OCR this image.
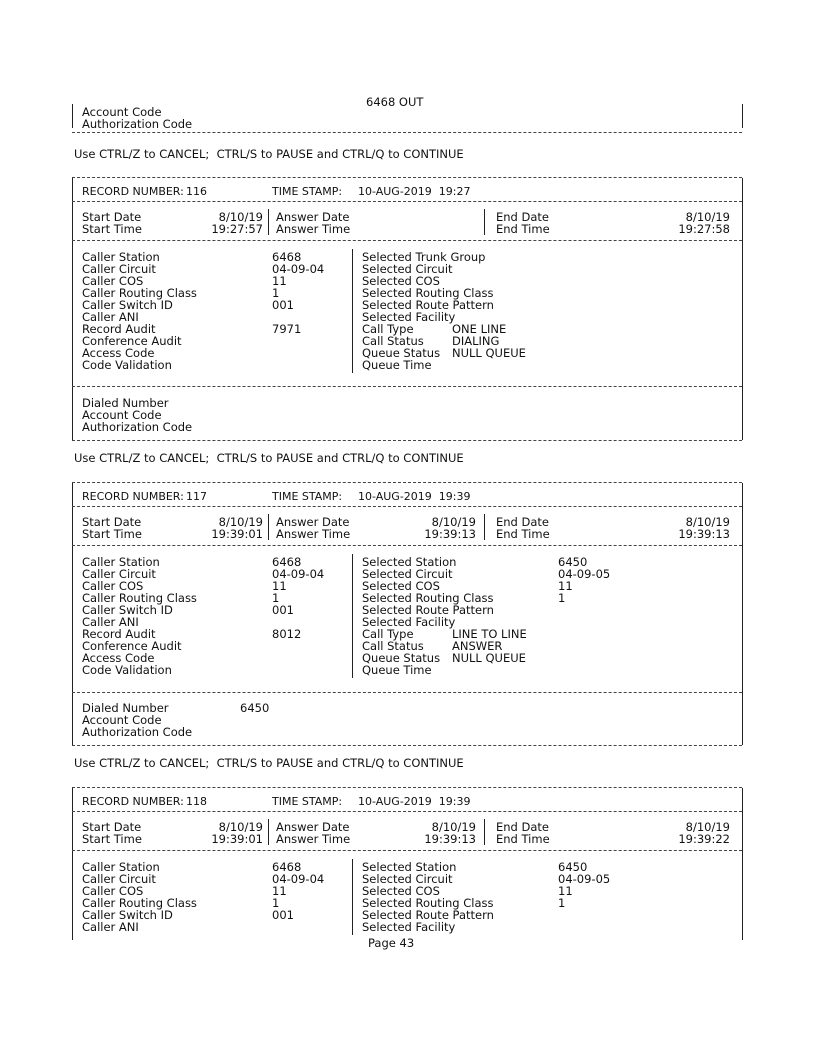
6468 OUT
Account Code
Authorization Code
Use CTRL/Z to CANCEL;  CTRL/S to PAUSE and CTRL/Q to CONTINUE
RECORD NUMBER: 116	TIME STAMP: 10-AUG-2019  19:27
Start Date	8/10/19
Start Time	19:27:57
Answer Date
Answer Time
End Date	8/10/19
End Time	19:27:58
Caller Station	6468
Caller Circuit	04-09-04
Caller COS	11
Caller Routing Class	1
Caller Switch ID	001
Caller ANI
Record Audit	7971
Conference Audit
Access Code
Code Validation
Selected Trunk Group
Selected Circuit
Selected COS
Selected Routing Class
Selected Route Pattern
Selected Facility
Call Type	ONE LINE
Call Status DIALING
Queue Status NULL QUEUE
Queue Time
Dialed Number
Account Code
Authorization Code
Use CTRL/Z to CANCEL;  CTRL/S to PAUSE and CTRL/Q to CONTINUE
RECORD NUMBER: 117	TIME STAMP: 10-AUG-2019  19:39
Start Date	8/10/19
Start Time	19:39:01
Answer Date	8/10/19
Answer Time	19:39:13
End Date	8/10/19
End Time	19:39:13
Caller Station	6468
Caller Circuit	04-09-04
Caller COS	11
Caller Routing Class	1
Caller Switch ID	001
Caller ANI
Record Audit	8012
Conference Audit
Access Code
Code Validation
Selected Station	6450
Selected Circuit	04-09-05
Selected COS	11
Selected Routing Class	1
Selected Route Pattern
Selected Facility
Call Type	LINE TO LINE
Call Status ANSWER
Queue Status NULL QUEUE
Queue Time
Dialed Number	6450
Account Code
Authorization Code
Use CTRL/Z to CANCEL;  CTRL/S to PAUSE and CTRL/Q to CONTINUE
RECORD NUMBER: 118	TIME STAMP: 10-AUG-2019  19:39
Start Date	8/10/19
Start Time	19:39:01
Answer Date	8/10/19
Answer Time	19:39:13
End Date	8/10/19
End Time	19:39:22
Caller Station	6468
Caller Circuit	04-09-04
Caller COS	11
Caller Routing Class	1
Caller Switch ID	001
Caller ANI
Selected Station	6450
Selected Circuit	04-09-05
Selected COS	11
Selected Routing Class	1
Selected Route Pattern
Selected Facility
Page 43
